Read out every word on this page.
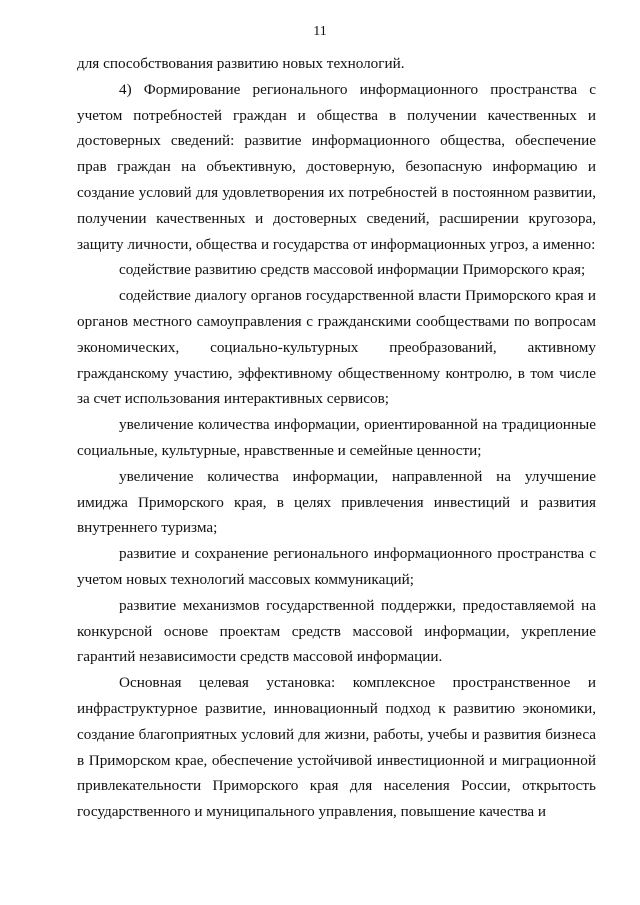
11

для способствования развитию новых технологий.

4) Формирование регионального информационного пространства с учетом потребностей граждан и общества в получении качественных и достоверных сведений: развитие информационного общества, обеспечение прав граждан на объективную, достоверную, безопасную информацию и создание условий для удовлетворения их потребностей в постоянном развитии, получении качественных и достоверных сведений, расширении кругозора, защиту личности, общества и государства от информационных угроз, а именно:

содействие развитию средств массовой информации Приморского края;

содействие диалогу органов государственной власти Приморского края и органов местного самоуправления с гражданскими сообществами по вопросам экономических, социально-культурных преобразований, активному гражданскому участию, эффективному общественному контролю, в том числе за счет использования интерактивных сервисов;

увеличение количества информации, ориентированной на традиционные социальные, культурные, нравственные и семейные ценности;

увеличение количества информации, направленной на улучшение имиджа Приморского края, в целях привлечения инвестиций и развития внутреннего туризма;

развитие и сохранение регионального информационного пространства с учетом новых технологий массовых коммуникаций;

развитие механизмов государственной поддержки, предоставляемой на конкурсной основе проектам средств массовой информации, укрепление гарантий независимости средств массовой информации.

Основная целевая установка: комплексное пространственное и инфраструктурное развитие, инновационный подход к развитию экономики, создание благоприятных условий для жизни, работы, учебы и развития бизнеса в Приморском крае, обеспечение устойчивой инвестиционной и миграционной привлекательности Приморского края для населения России, открытость государственного и муниципального управления, повышение качества и
